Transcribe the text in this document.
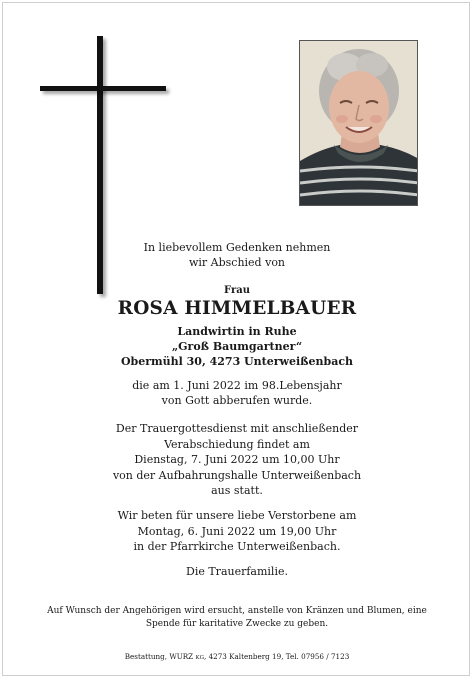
In liebevollem Gedenken nehmen
wir Abschied von

Frau

ROSA HIMMELBAUER

Landwirtin in Ruhe
„Groß Baumgartner“
Obermühl 30, 4273 Unterweißenbach

die am 1. Juni 2022 im 98.Lebensjahr
von Gott abberufen wurde.

Der Trauergottesdienst mit anschließender
Verabschiedung findet am
Dienstag, 7. Juni 2022 um 10,00 Uhr
von der Aufbahrungshalle Unterweißenbach
aus statt.

Wir beten für unsere liebe Verstorbene am
Montag, 6. Juni 2022 um 19,00 Uhr
in der Pfarrkirche Unterweißenbach.

Die Trauerfamilie.

Auf Wunsch der Angehörigen wird ersucht, anstelle von Kränzen und Blumen, eine
Spende für karitative Zwecke zu geben.

Bestattung, WURZ KG, 4273 Kaltenberg 19, Tel. 07956 / 7123
